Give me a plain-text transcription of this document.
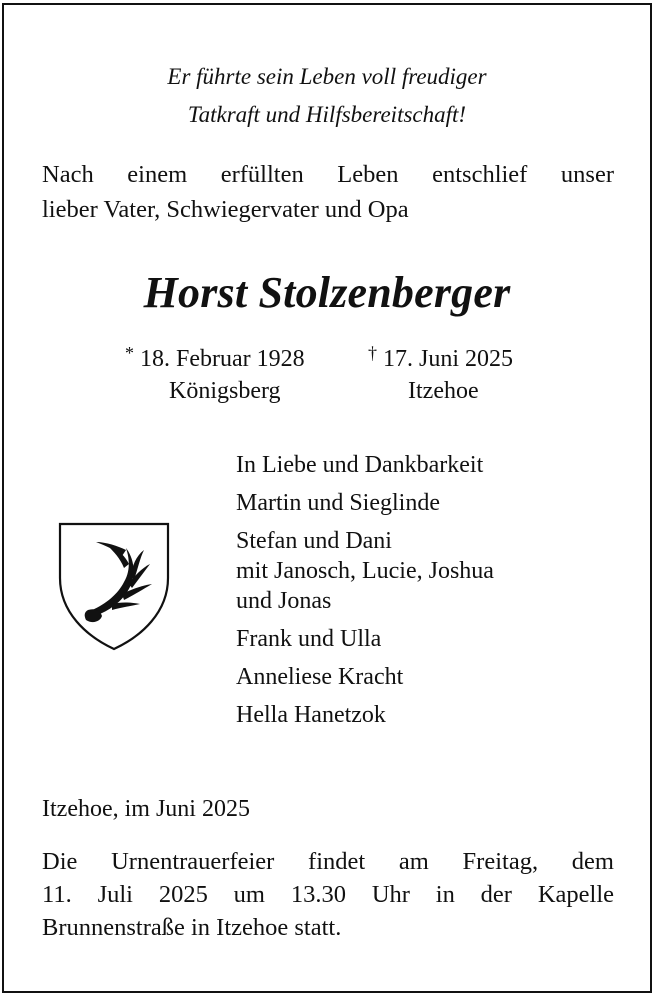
Er führte sein Leben voll freudiger
Tatkraft und Hilfsbereitschaft!
Nach einem erfüllten Leben entschlief unser
lieber Vater, Schwiegervater und Opa
Horst Stolzenberger
* 18. Februar 1928
Königsberg
† 17. Juni 2025
Itzehoe
In Liebe und Dankbarkeit
Martin und Sieglinde
Stefan und Dani
mit Janosch, Lucie, Joshua
und Jonas
Frank und Ulla
Anneliese Kracht
Hella Hanetzok
Itzehoe, im Juni 2025
Die Urnentrauerfeier findet am Freitag, dem
11. Juli 2025 um 13.30 Uhr in der Kapelle
Brunnenstraße in Itzehoe statt.
